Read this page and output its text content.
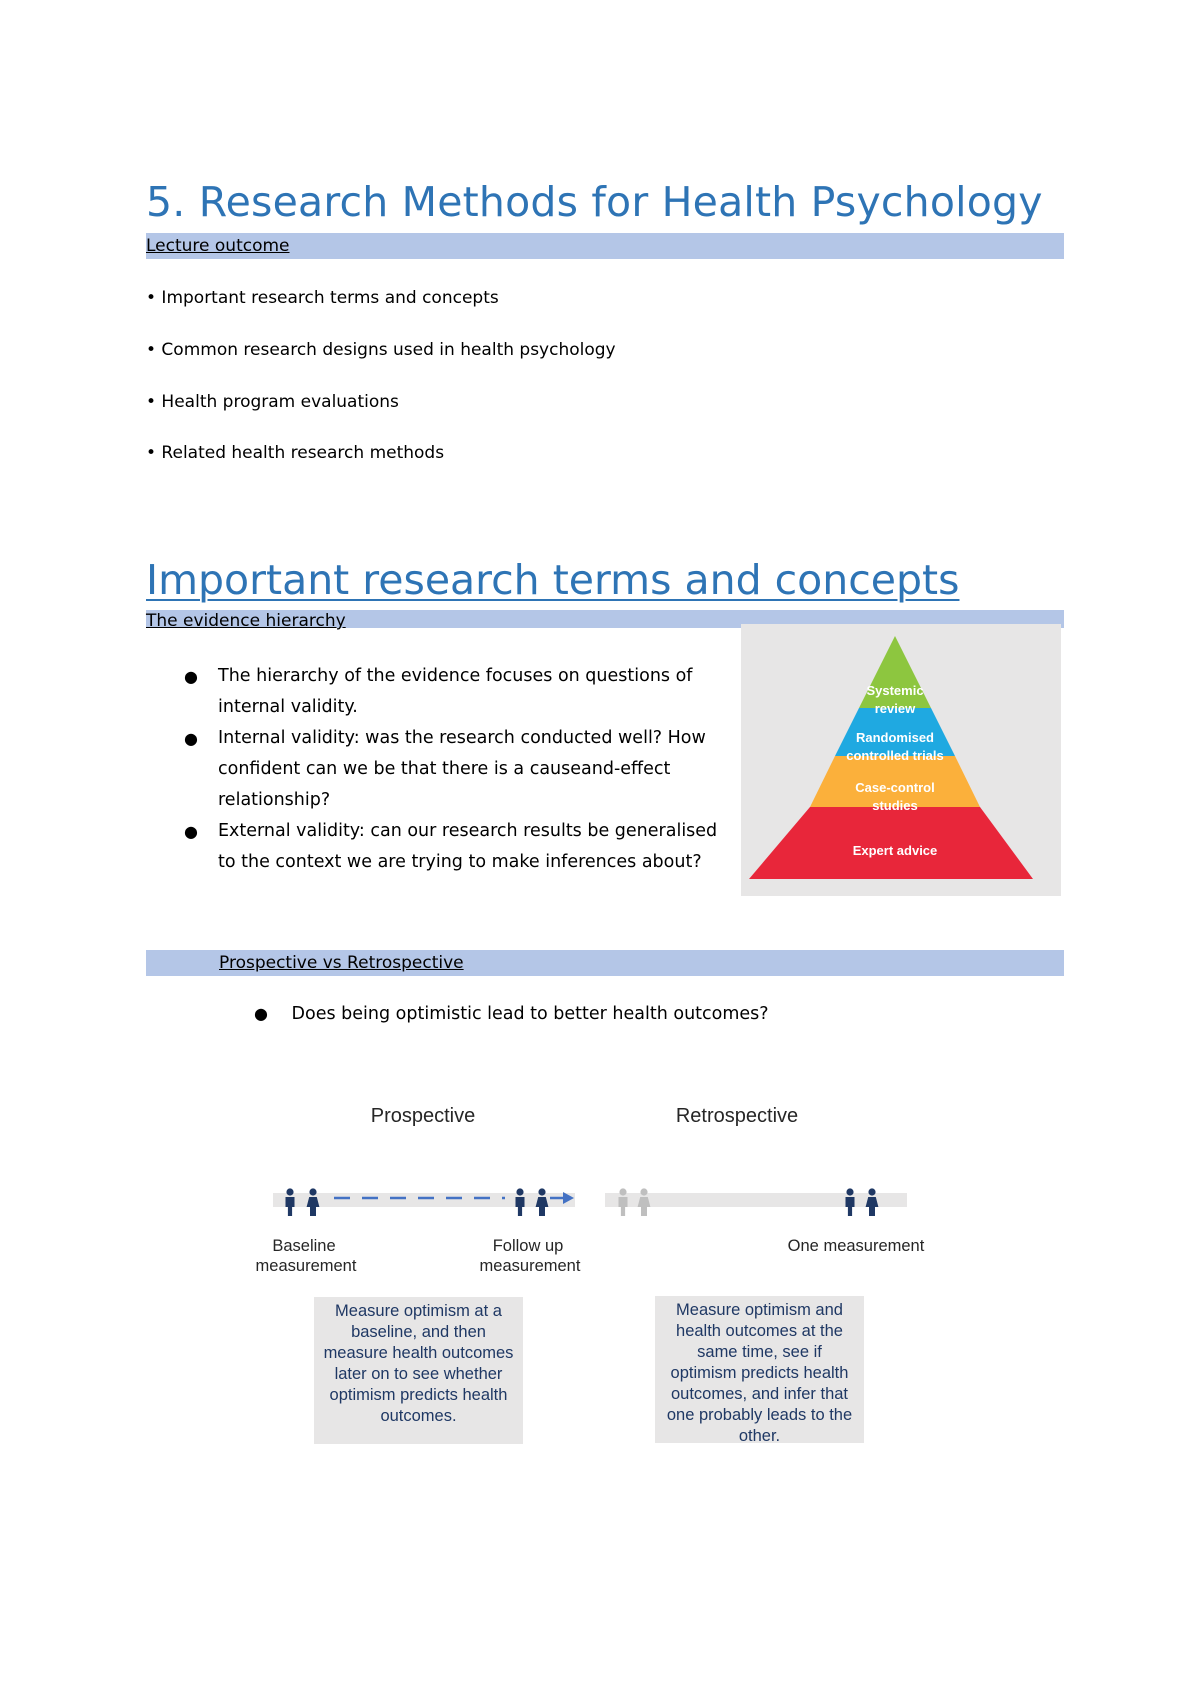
5. Research Methods for Health Psychology
Lecture outcome
• Important research terms and concepts
• Common research designs used in health psychology
• Health program evaluations
• Related health research methods
Important research terms and concepts
The evidence hierarchy
● The hierarchy of the evidence focuses on questions of internal validity.
● Internal validity: was the research conducted well? How confident can we be that there is a causeand-effect relationship?
● External validity: can our research results be generalised to the context we are trying to make inferences about?
Systemic
review
Randomised
controlled trials
Case-control
studies
Expert advice
Prospective vs Retrospective
● Does being optimistic lead to better health outcomes?
Prospective	Retrospective
Baseline
measurement
Follow up
measurement
One measurement
Measure optimism at a baseline, and then measure health outcomes later on to see whether optimism predicts health outcomes.
Measure optimism and health outcomes at the same time, see if optimism predicts health outcomes, and infer that one probably leads to the other.
